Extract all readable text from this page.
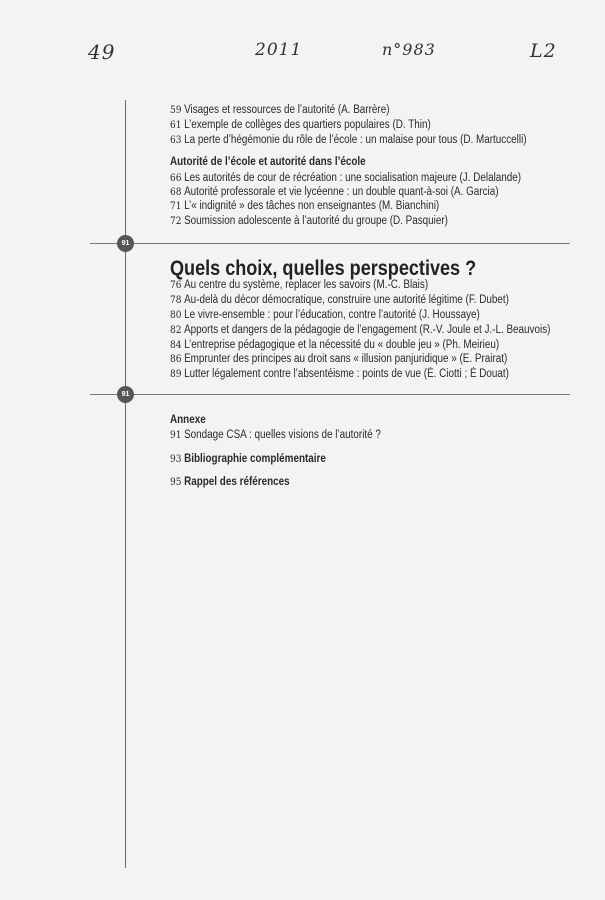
49	2011	n°983	L2
91
91

59 Visages et ressources de l’autorité (A. Barrère)

61 L’exemple de collèges des quartiers populaires (D. Thin)

63 La perte d’hégémonie du rôle de l’école : un malaise pour tous (D. Martuccelli)

Autorité de l’école et autorité dans l’école

66 Les autorités de cour de récréation : une socialisation majeure (J. Delalande)

68 Autorité professorale et vie lycéenne : un double quant-à-soi (A. Garcia)

71 L’« indignité » des tâches non enseignantes (M. Bianchini)

72 Soumission adolescente à l’autorité du groupe (D. Pasquier)

Quels choix, quelles perspectives ?

76 Au centre du système, replacer les savoirs (M.-C. Blais)

78 Au-delà du décor démocratique, construire une autorité légitime (F. Dubet)

80 Le vivre-ensemble : pour l’éducation, contre l’autorité (J. Houssaye)

82 Apports et dangers de la pédagogie de l’engagement (R.-V. Joule et J.-L. Beauvois)

84 L’entreprise pédagogique et la nécessité du « double jeu » (Ph. Meirieu)

86 Emprunter des principes au droit sans « illusion panjuridique » (E. Prairat)

89 Lutter légalement contre l’absentéisme : points de vue (É. Ciotti ; É Douat)

Annexe

91 Sondage CSA : quelles visions de l’autorité ?

93 Bibliographie complémentaire

95 Rappel des références
